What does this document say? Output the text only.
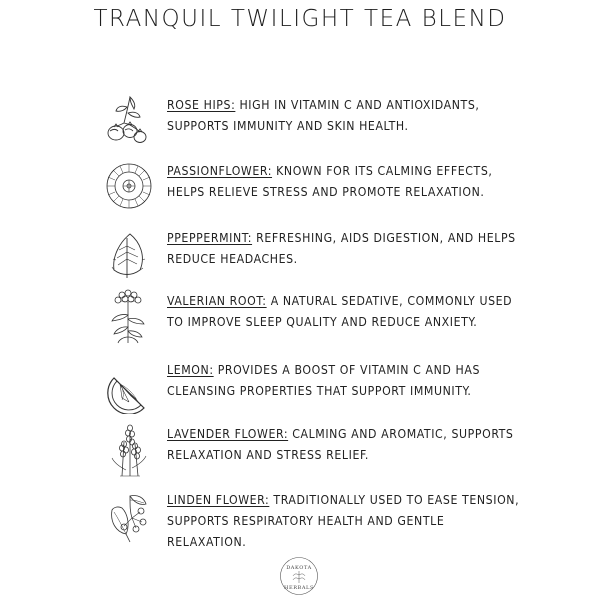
TRANQUIL TWILIGHT TEA BLEND
ROSE HIPS: HIGH IN VITAMIN C AND ANTIOXIDANTS, SUPPORTS IMMUNITY AND SKIN HEALTH.
PASSIONFLOWER: KNOWN FOR ITS CALMING EFFECTS, HELPS RELIEVE STRESS AND PROMOTE RELAXATION.
PPEPPERMINT: REFRESHING, AIDS DIGESTION, AND HELPS REDUCE HEADACHES.
VALERIAN ROOT: A NATURAL SEDATIVE, COMMONLY USED TO IMPROVE SLEEP QUALITY AND REDUCE ANXIETY.
LEMON: PROVIDES A BOOST OF VITAMIN C AND HAS CLEANSING PROPERTIES THAT SUPPORT IMMUNITY.
LAVENDER FLOWER: CALMING AND AROMATIC, SUPPORTS RELAXATION AND STRESS RELIEF.
LINDEN FLOWER: TRADITIONALLY USED TO EASE TENSION, SUPPORTS RESPIRATORY HEALTH AND GENTLE RELAXATION.
DAKOTA
HERBALS
